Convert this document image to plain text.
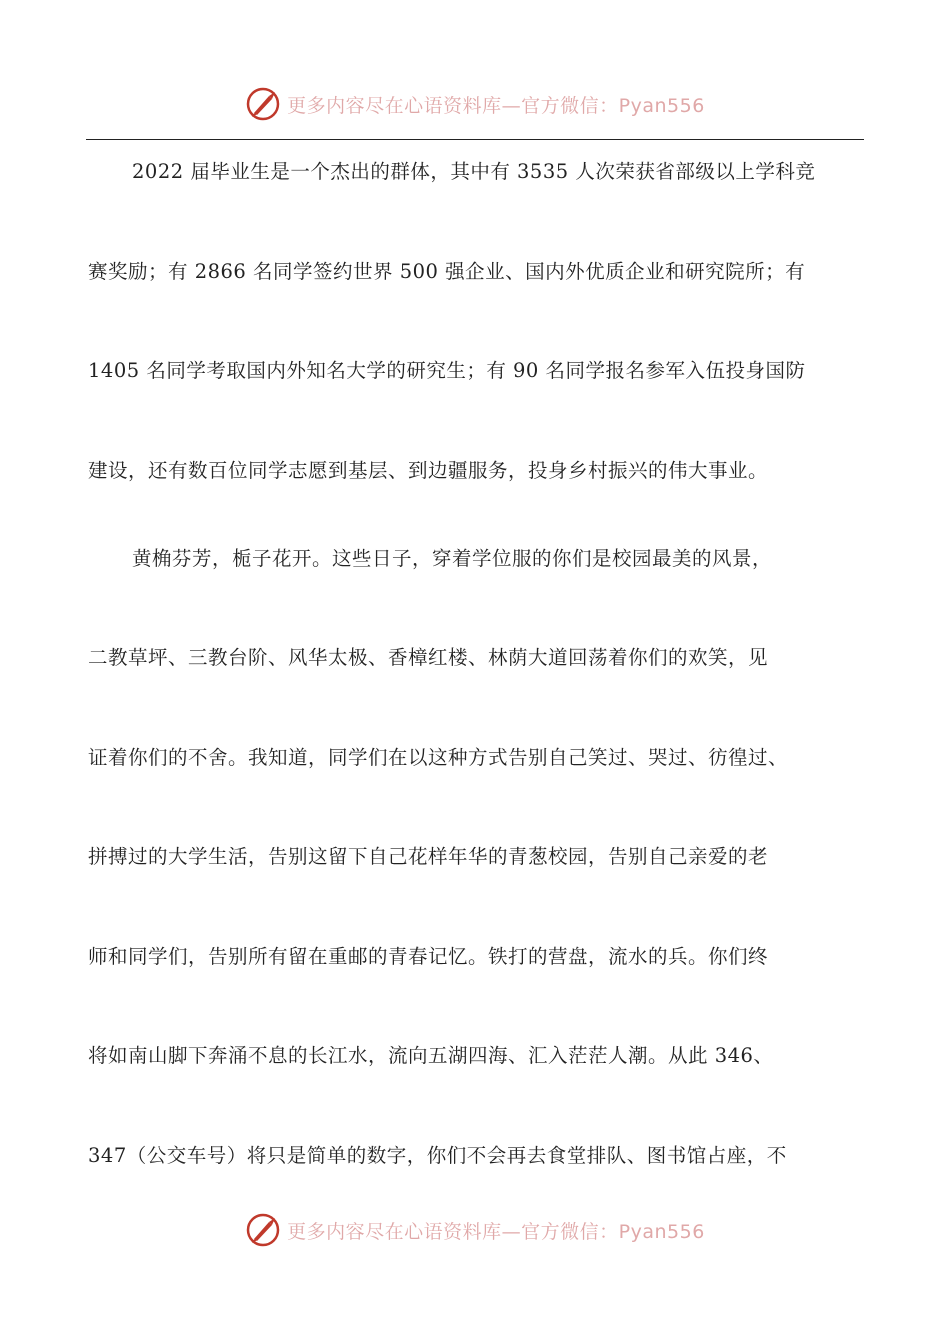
更多内容尽在心语资料库—官方微信：Pyan556
2022 届毕业生是一个杰出的群体，其中有 3535 人次荣获省部级以上学科竞
赛奖励；有 2866 名同学签约世界 500 强企业、国内外优质企业和研究院所；有
1405 名同学考取国内外知名大学的研究生；有 90 名同学报名参军入伍投身国防
建设，还有数百位同学志愿到基层、到边疆服务，投身乡村振兴的伟大事业。
黄桷芬芳，栀子花开。这些日子，穿着学位服的你们是校园最美的风景，
二教草坪、三教台阶、风华太极、香樟红楼、林荫大道回荡着你们的欢笑，见
证着你们的不舍。我知道，同学们在以这种方式告别自己笑过、哭过、彷徨过、
拼搏过的大学生活，告别这留下自己花样年华的青葱校园，告别自己亲爱的老
师和同学们，告别所有留在重邮的青春记忆。铁打的营盘，流水的兵。你们终
将如南山脚下奔涌不息的长江水，流向五湖四海、汇入茫茫人潮。从此 346、
347（公交车号）将只是简单的数字，你们不会再去食堂排队、图书馆占座，不
更多内容尽在心语资料库—官方微信：Pyan556
